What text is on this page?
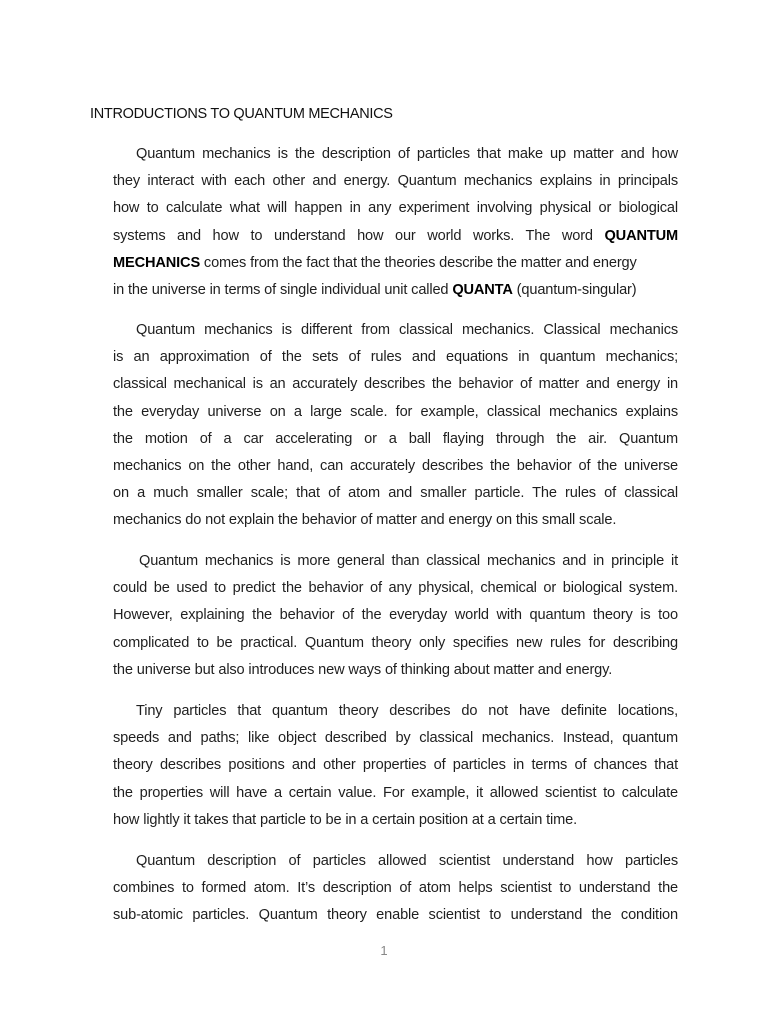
INTRODUCTIONS TO QUANTUM MECHANICS
Quantum mechanics is the description of particles that make up matter and how
they interact with each other and energy. Quantum mechanics explains in principals
how to calculate what will happen in any experiment involving physical or biological
systems and how to understand how our world works. The word QUANTUM
MECHANICS comes from the fact that the theories describe the matter and energy
in the universe in terms of single individual unit called QUANTA (quantum-singular)
Quantum mechanics is different from classical mechanics. Classical mechanics
is an approximation of the sets of rules and equations in quantum mechanics;
classical mechanical is an accurately describes the behavior of matter and energy in
the everyday universe on a large scale. for example, classical mechanics explains
the motion of a car accelerating or a ball flaying through the air. Quantum
mechanics on the other hand, can accurately describes the behavior of the universe
on a much smaller scale; that of atom and smaller particle. The rules of classical
mechanics do not explain the behavior of matter and energy on this small scale.
Quantum mechanics is more general than classical mechanics and in principle it
could be used to predict the behavior of any physical, chemical or biological system.
However, explaining the behavior of the everyday world with quantum theory is too
complicated to be practical. Quantum theory only specifies new rules for describing
the universe but also introduces new ways of thinking about matter and energy.
Tiny particles that quantum theory describes do not have definite locations,
speeds and paths; like object described by classical mechanics. Instead, quantum
theory describes positions and other properties of particles in terms of chances that
the properties will have a certain value. For example, it allowed scientist to calculate
how lightly it takes that particle to be in a certain position at a certain time.
Quantum description of particles allowed scientist understand how particles
combines to formed atom. It’s description of atom helps scientist to understand the
sub-atomic particles. Quantum theory enable scientist to understand the condition
1
